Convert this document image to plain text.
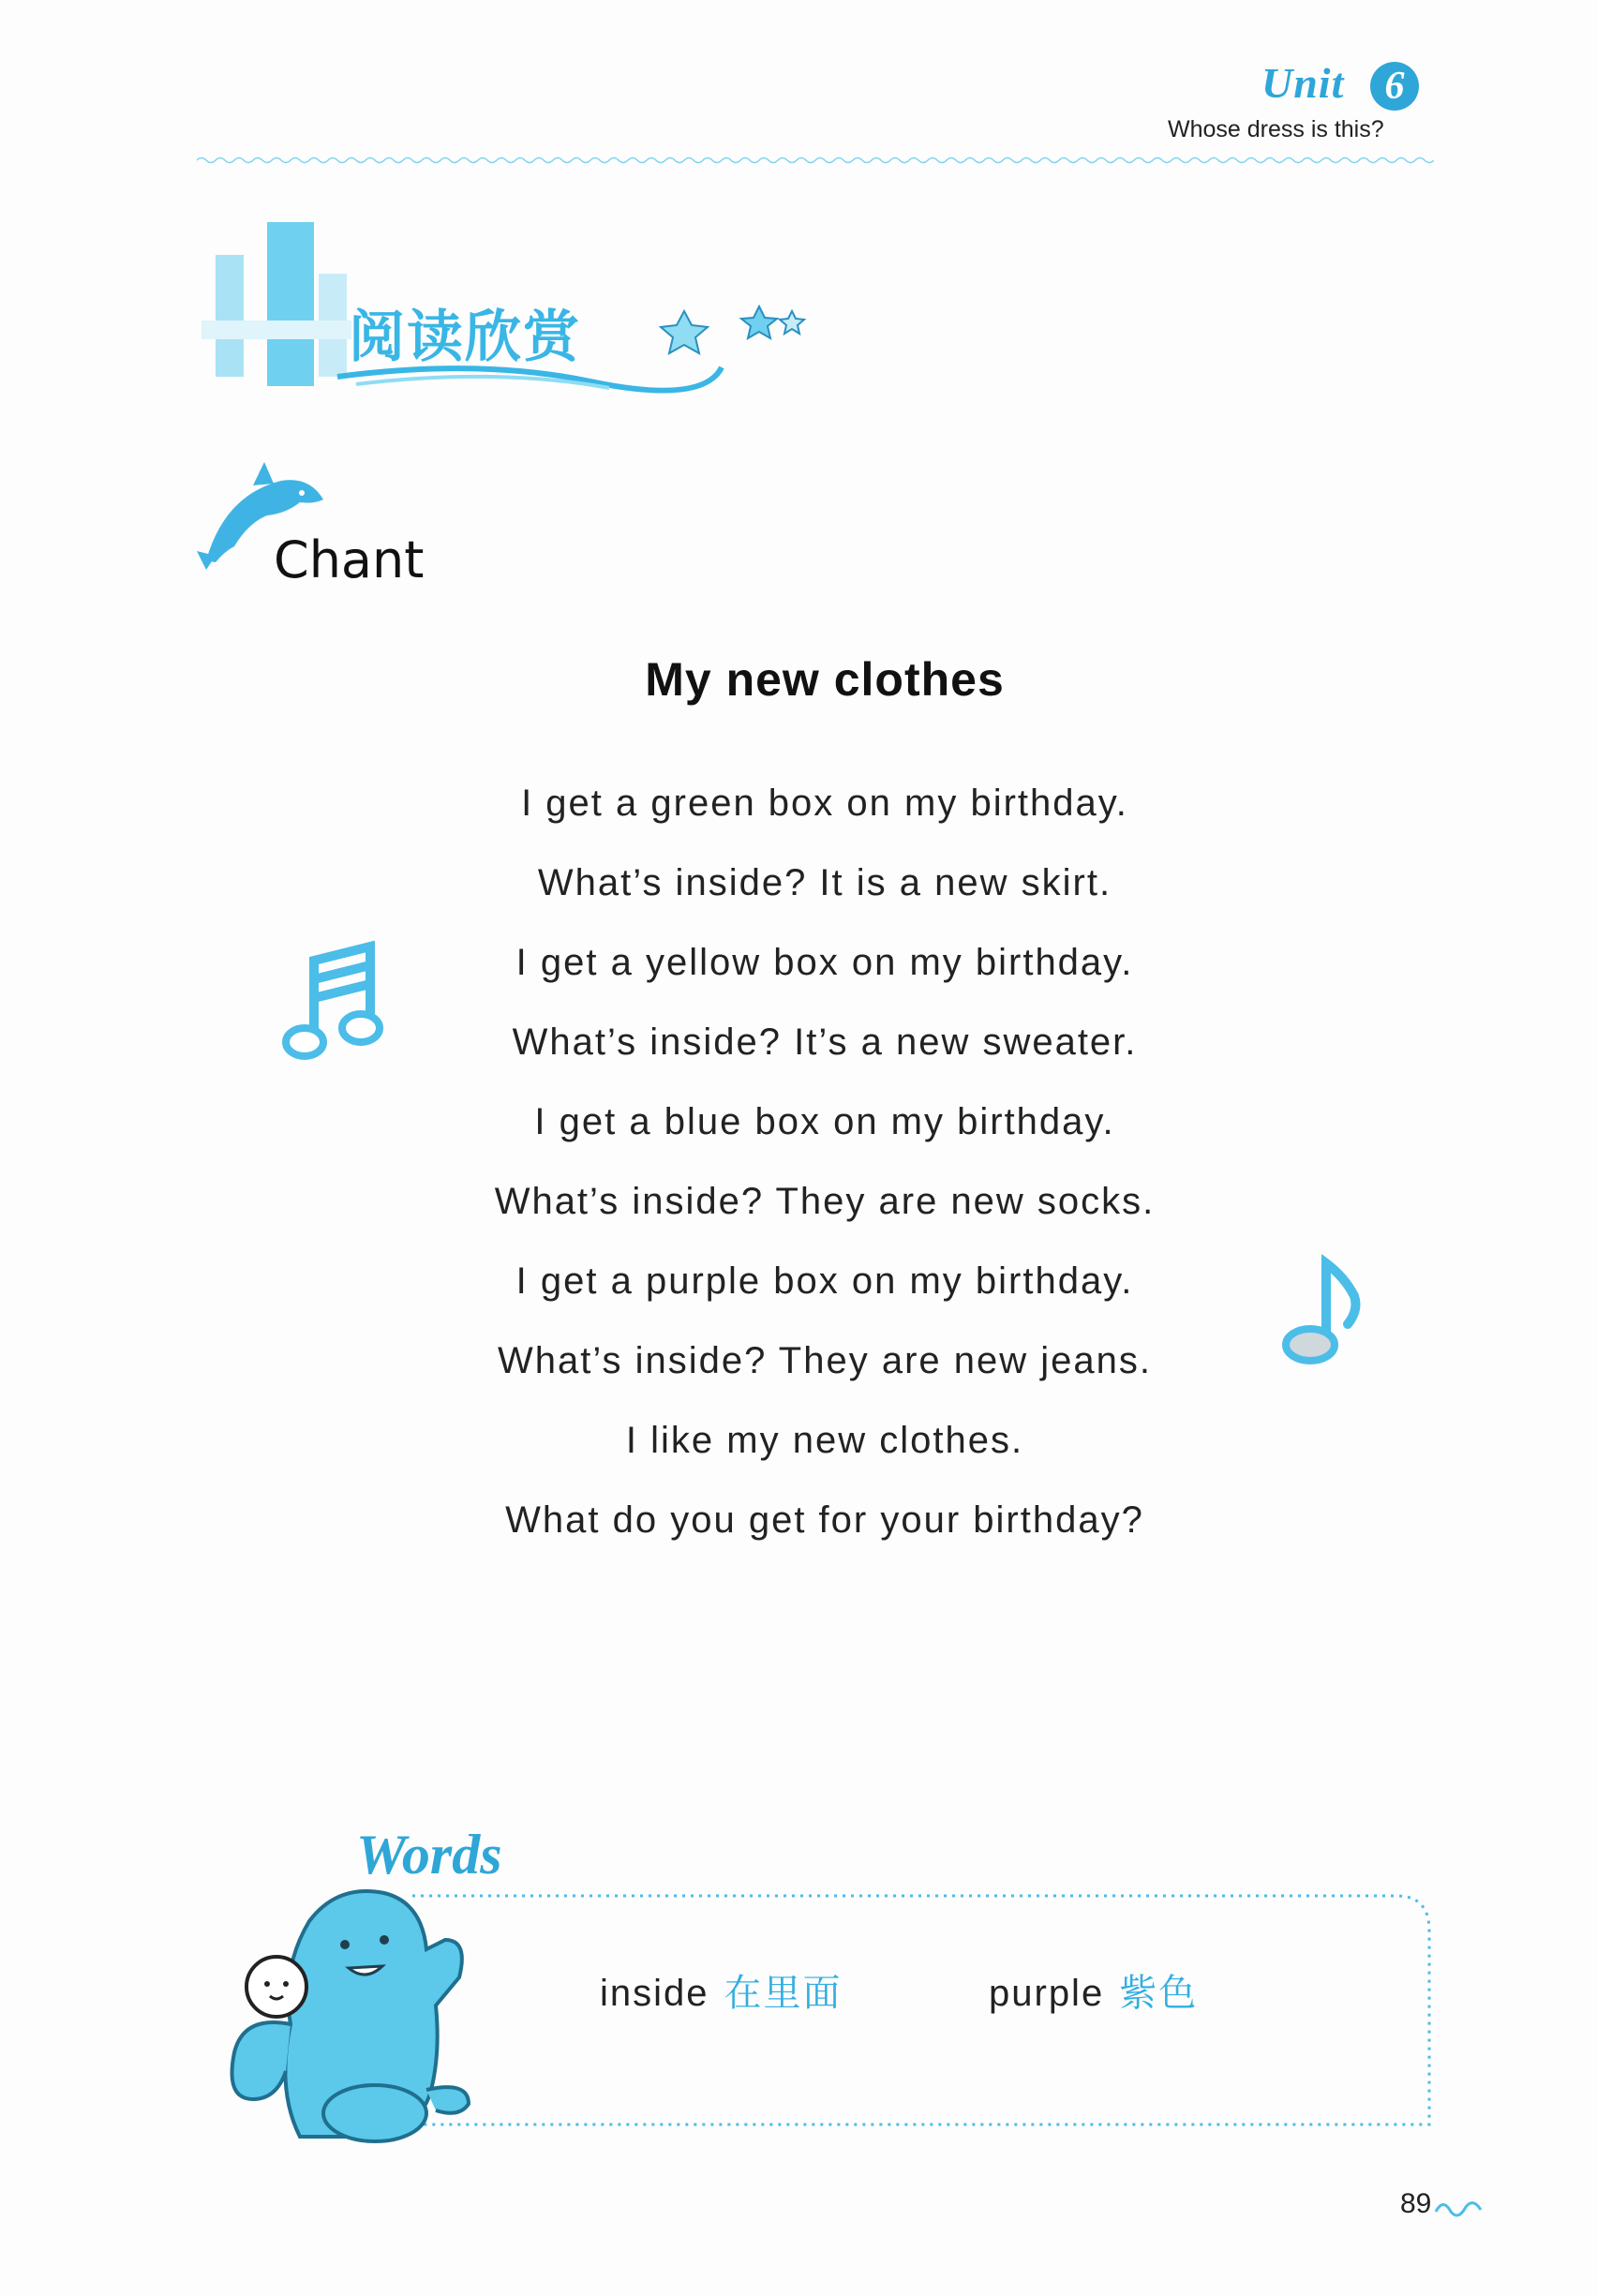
Unit	6
Whose dress is this?
阅读欣赏
Chant
My new clothes
I get a green box on my birthday.
What’s inside? It is a new skirt.
I get a yellow box on my birthday.
What’s inside? It’s a new sweater.
I get a blue box on my birthday.
What’s inside? They are new socks.
I get a purple box on my birthday.
What’s inside? They are new jeans.
I like my new clothes.
What do you get for your birthday?
Words
inside 在里面	purple 紫色
89
